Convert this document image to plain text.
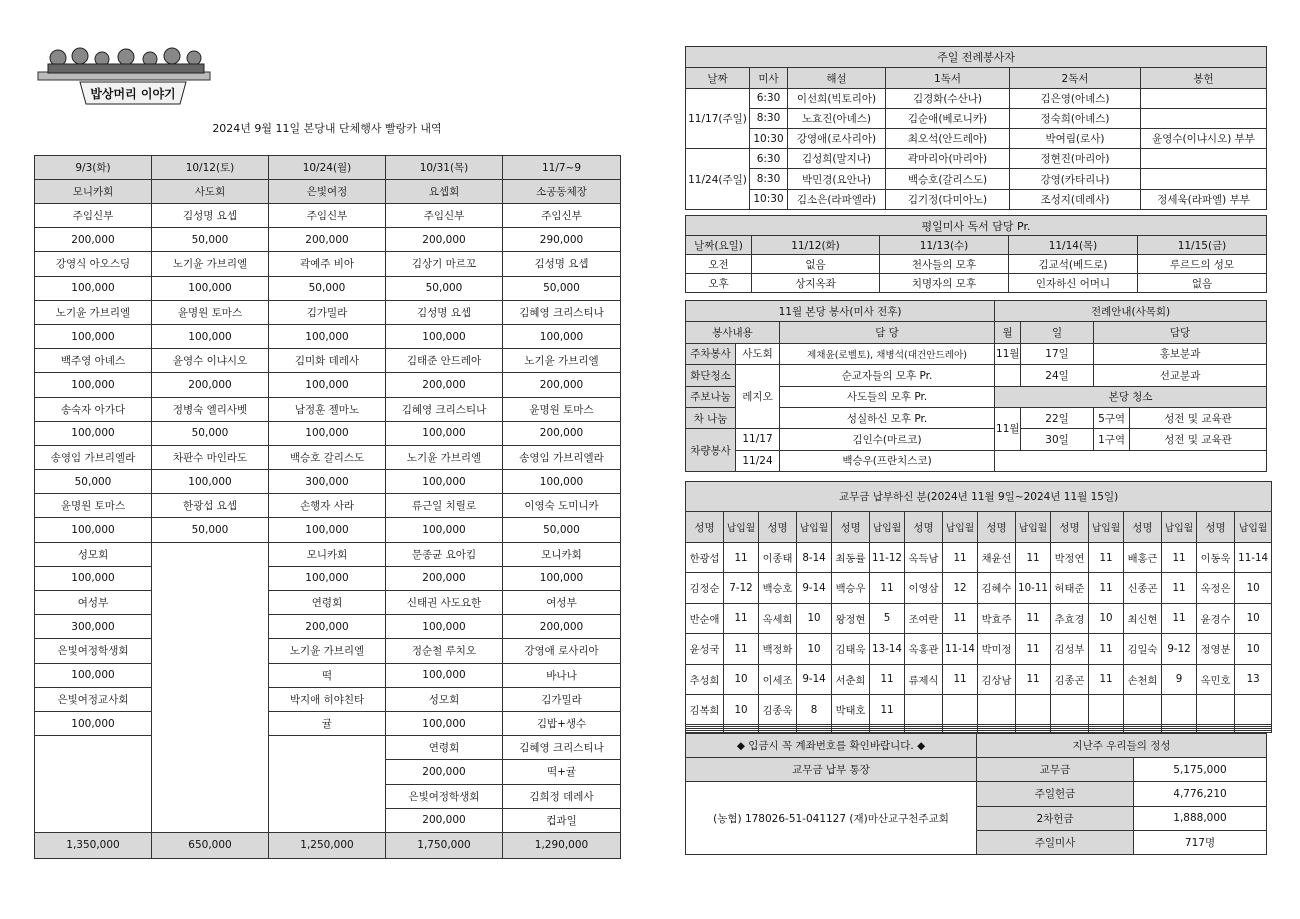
밥상머리 이야기
2024년 9월 11일 본당내 단체행사 빨랑카 내역
9/3(화)	10/12(토)	10/24(월)	10/31(목)	11/7~9
모니카회	사도회	은빛여정	요셉회	소공동체장
주임신부	김성명 요셉	주임신부	주임신부	주임신부
200,000	50,000	200,000	200,000	290,000
강영식 아오스딩	노기윤 가브리엘	곽예주 비아	김상기 마르꼬	김성명 요셉
100,000	100,000	50,000	50,000	50,000
노기윤 가브리엘	윤명원 토마스	김가밀라	김성명 요셉	김혜영 크리스티나
100,000	100,000	100,000	100,000	100,000
백주영 아녜스	윤영수 이냐시오	김미화 데레사	김태준 안드레아	노기윤 가브리엘
100,000	200,000	100,000	200,000	200,000
송숙자 아가다	정병숙 엘리사벳	남정훈 젤마노	김혜영 크리스티나	윤명원 토마스
100,000	50,000	100,000	100,000	200,000
송영임 가브리엘라	차판수 마인라도	백승호 갈리스도	노기윤 가브리엘	송영임 가브리엘라
50,000	100,000	300,000	100,000	100,000
윤명원 토마스	한광섭 요셉	손행자 사라	류근일 치릴로	이영숙 도미니카
100,000	50,000	100,000	100,000	50,000
성모회		모니카회	문종균 요아킴	모니카회
100,000		100,000	200,000	100,000
여성부		연령회	신태권 사도요한	여성부
300,000		200,000	100,000	200,000
은빛여정학생회		노기윤 가브리엘	정순철 루치오	강영애 로사리아
100,000		떡	100,000	바나나
은빛여정교사회		박지애 히야친타	성모회	김가밀라
100,000		귤	100,000	김밥+생수
			연령회	김혜영 크리스티나
			200,000	떡+귤
			은빛여정학생회	김희정 데레사
			200,000	컵과일
1,350,000	650,000	1,250,000	1,750,000	1,290,000
주일 전례봉사자					
날짜	미사	해설	1독서	2독서	봉헌
11/17(주일)	6:30	이선희(빅토리아)	김경화(수산나)	김은영(아녜스)	
	8:30	노효진(아녜스)	김순애(베로니카)	정숙희(아녜스)	
	10:30	강영애(로사리아)	최오석(안드레아)	박여림(로사)	윤영수(이냐시오) 부부
11/24(주일)	6:30	김성희(말지나)	곽마리아(마리아)	정현진(마리아)	
	8:30	박민경(요안나)	백승호(갈리스도)	강영(카타리나)	
	10:30	김소은(라파엘라)	김기정(다미아노)	조성지(데레사)	정세욱(라파엘) 부부
평일미사 독서 담당 Pr.				
날짜(요일)	11/12(화)	11/13(수)	11/14(목)	11/15(금)
오전	없음	천사들의 모후	김교석(베드로)	루르드의 성모
오후	상지옥좌	치명자의 모후	인자하신 어머니	없음
11월 본당 봉사(미사 전후)			전례안내(사목회)			
봉사내용		담 당	월	일	담당	
주차봉사	사도회	제채윤(로벨토), 채병석(대건안드레아)	11월	17일	홍보분과	
화단청소	레지오	순교자들의 모후 Pr.		24일	선교분과	
주보나눔		사도들의 모후 Pr.	본당 청소			
차 나눔		성실하신 모후 Pr.	11월	22일	5구역	성전 및 교육관
차량봉사	11/17	김인수(마르코)		30일	1구역	성전 및 교육관
	11/24	백승우(프란치스코)				
교무금 납부하신 분(2024년 11월 9일~2024년 11월 15일)															
성명	납입월	성명	납입월	성명	납입월	성명	납입월	성명	납입월	성명	납입월	성명	납입월	성명	납입월
한광섭	11	이종태	8-14	최동률	11-12	옥득남	11	채윤선	11	박정연	11	배홍근	11	이동욱	11-14
김정순	7-12	백승호	9-14	백승우	11	이영삼	12	김혜수	10-11	허태준	11	신종곤	11	옥정은	10
반순애	11	옥세희	10	왕정현	5	조여란	11	박효주	11	추효경	10	최신현	11	윤경수	10
윤성국	11	백정화	10	김태욱	13-14	옥홍관	11-14	박미정	11	김성부	11	김일숙	9-12	정영분	10
추성희	10	이세조	9-14	서춘희	11	류제식	11	김상남	11	김종곤	11	손천희	9	옥민호	13
김복희	10	김종욱	8	박태호	11										

◆ 입금시 꼭 계좌번호를 확인바랍니다. ◆	지난주 우리들의 정성	
교무금 납부 통장	교무금	5,175,000
(농협) 178026-51-041127 (재)마산교구천주교회	주일헌금	4,776,210
	2차헌금	1,888,000
	주일미사	717명
